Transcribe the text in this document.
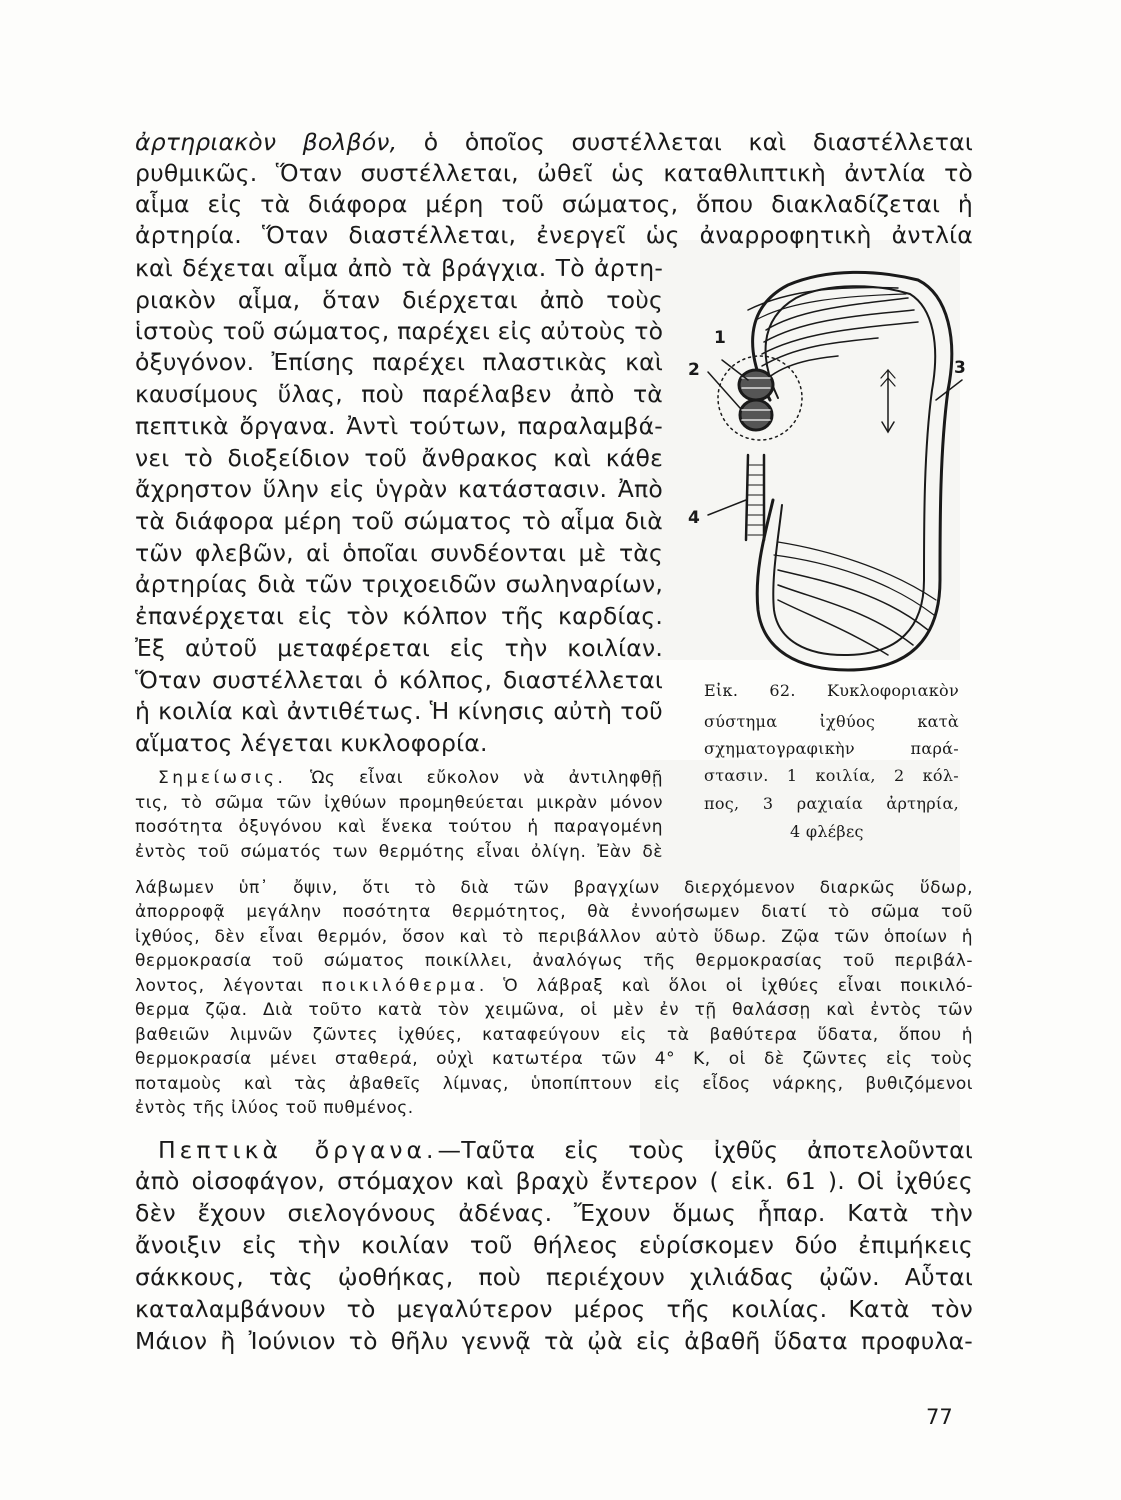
ἀρτηριακὸν βολβόν, ὁ ὁποῖος συστέλλεται καὶ διαστέλλεται
ρυθμικῶς. Ὅταν συστέλλεται, ὠθεῖ ὡς καταθλιπτικὴ ἀντλία τὸ
αἷμα εἰς τὰ διάφορα μέρη τοῦ σώματος, ὅπου διακλαδίζεται ἡ
ἀρτηρία. Ὅταν διαστέλλεται, ἐνεργεῖ ὡς ἀναρροφητικὴ ἀντλία
καὶ δέχεται αἷμα ἀπὸ τὰ βράγχια. Τὸ ἀρτη-
ριακὸν αἷμα, ὅταν διέρχεται ἀπὸ τοὺς
ἱστοὺς τοῦ σώματος, παρέχει εἰς αὐτοὺς τὸ
ὀξυγόνον. Ἐπίσης παρέχει πλαστικὰς καὶ
καυσίμους ὕλας, ποὺ παρέλαβεν ἀπὸ τὰ
πεπτικὰ ὄργανα. Ἀντὶ τούτων, παραλαμβά-
νει τὸ διοξείδιον τοῦ ἄνθρακος καὶ κάθε
ἄχρηστον ὕλην εἰς ὑγρὰν κατάστασιν. Ἀπὸ
τὰ διάφορα μέρη τοῦ σώματος τὸ αἷμα διὰ
τῶν φλεβῶν, αἱ ὁποῖαι συνδέονται μὲ τὰς
ἀρτηρίας διὰ τῶν τριχοειδῶν σωληναρίων,
ἐπανέρχεται εἰς τὸν κόλπον τῆς καρδίας.
Ἐξ αὐτοῦ μεταφέρεται εἰς τὴν κοιλίαν.
Ὅταν συστέλλεται ὁ κόλπος, διαστέλλεται
ἡ κοιλία καὶ ἀντιθέτως. Ἡ κίνησις αὐτὴ τοῦ
αἵματος λέγεται κυκλοφορία.
Σημείωσις. Ὡς εἶναι εὔκολον νὰ ἀντιληφθῇ
τις, τὸ σῶμα τῶν ἰχθύων προμηθεύεται μικρὰν μόνον
ποσότητα ὀξυγόνου καὶ ἕνεκα τούτου ἡ παραγομένη
ἐντὸς τοῦ σώματός των θερμότης εἶναι ὀλίγη. Ἐὰν δὲ
λάβωμεν ὑπ᾽ ὄψιν, ὅτι τὸ διὰ τῶν βραγχίων διερχόμενον διαρκῶς ὕδωρ,
ἀπορροφᾷ μεγάλην ποσότητα θερμότητος, θὰ ἐννοήσωμεν διατί τὸ σῶμα τοῦ
ἰχθύος, δὲν εἶναι θερμόν, ὅσον καὶ τὸ περιβάλλον αὐτὸ ὕδωρ. Ζῷα τῶν ὁποίων ἡ
θερμοκρασία τοῦ σώματος ποικίλλει, ἀναλόγως τῆς θερμοκρασίας τοῦ περιβάλ-
λοντος, λέγονται ποικιλόθερμα. Ὁ λάβραξ καὶ ὅλοι οἱ ἰχθύες εἶναι ποικιλό-
θερμα ζῷα. Διὰ τοῦτο κατὰ τὸν χειμῶνα, οἱ μὲν ἐν τῇ θαλάσσῃ καὶ ἐντὸς τῶν
βαθειῶν λιμνῶν ζῶντες ἰχθύες, καταφεύγουν εἰς τὰ βαθύτερα ὕδατα, ὅπου ἡ
θερμοκρασία μένει σταθερά, οὐχὶ κατωτέρα τῶν 4° Κ, οἱ δὲ ζῶντες εἰς τοὺς
ποταμοὺς καὶ τὰς ἀβαθεῖς λίμνας, ὑποπίπτουν εἰς εἶδος νάρκης, βυθιζόμενοι
ἐντὸς τῆς ἰλύος τοῦ πυθμένος.
Πεπτικὰ ὄργανα.—Ταῦτα εἰς τοὺς ἰχθῦς ἀποτελοῦνται
ἀπὸ οἰσοφάγον, στόμαχον καὶ βραχὺ ἔντερον ( εἰκ. 61 ). Οἱ ἰχθύες
δὲν ἔχουν σιελογόνους ἀδένας. Ἔχουν ὅμως ἧπαρ. Κατὰ τὴν
ἄνοιξιν εἰς τὴν κοιλίαν τοῦ θήλεος εὑρίσκομεν δύο ἐπιμήκεις
σάκκους, τὰς ᾠοθήκας, ποὺ περιέχουν χιλιάδας ᾠῶν. Αὗται
καταλαμβάνουν τὸ μεγαλύτερον μέρος τῆς κοιλίας. Κατὰ τὸν
Μάιον ἢ Ἰούνιον τὸ θῆλυ γεννᾷ τὰ ᾠὰ εἰς ἀβαθῆ ὕδατα προφυλα-
1
2	3
4
Εἰκ. 62. Κυκλοφοριακὸν
σύστημα ἰχθύος κατὰ
σχηματογραφικὴν παρά-
στασιν. 1 κοιλία, 2 κόλ-
πος, 3 ραχιαία ἀρτηρία,
4 φλέβες
77
